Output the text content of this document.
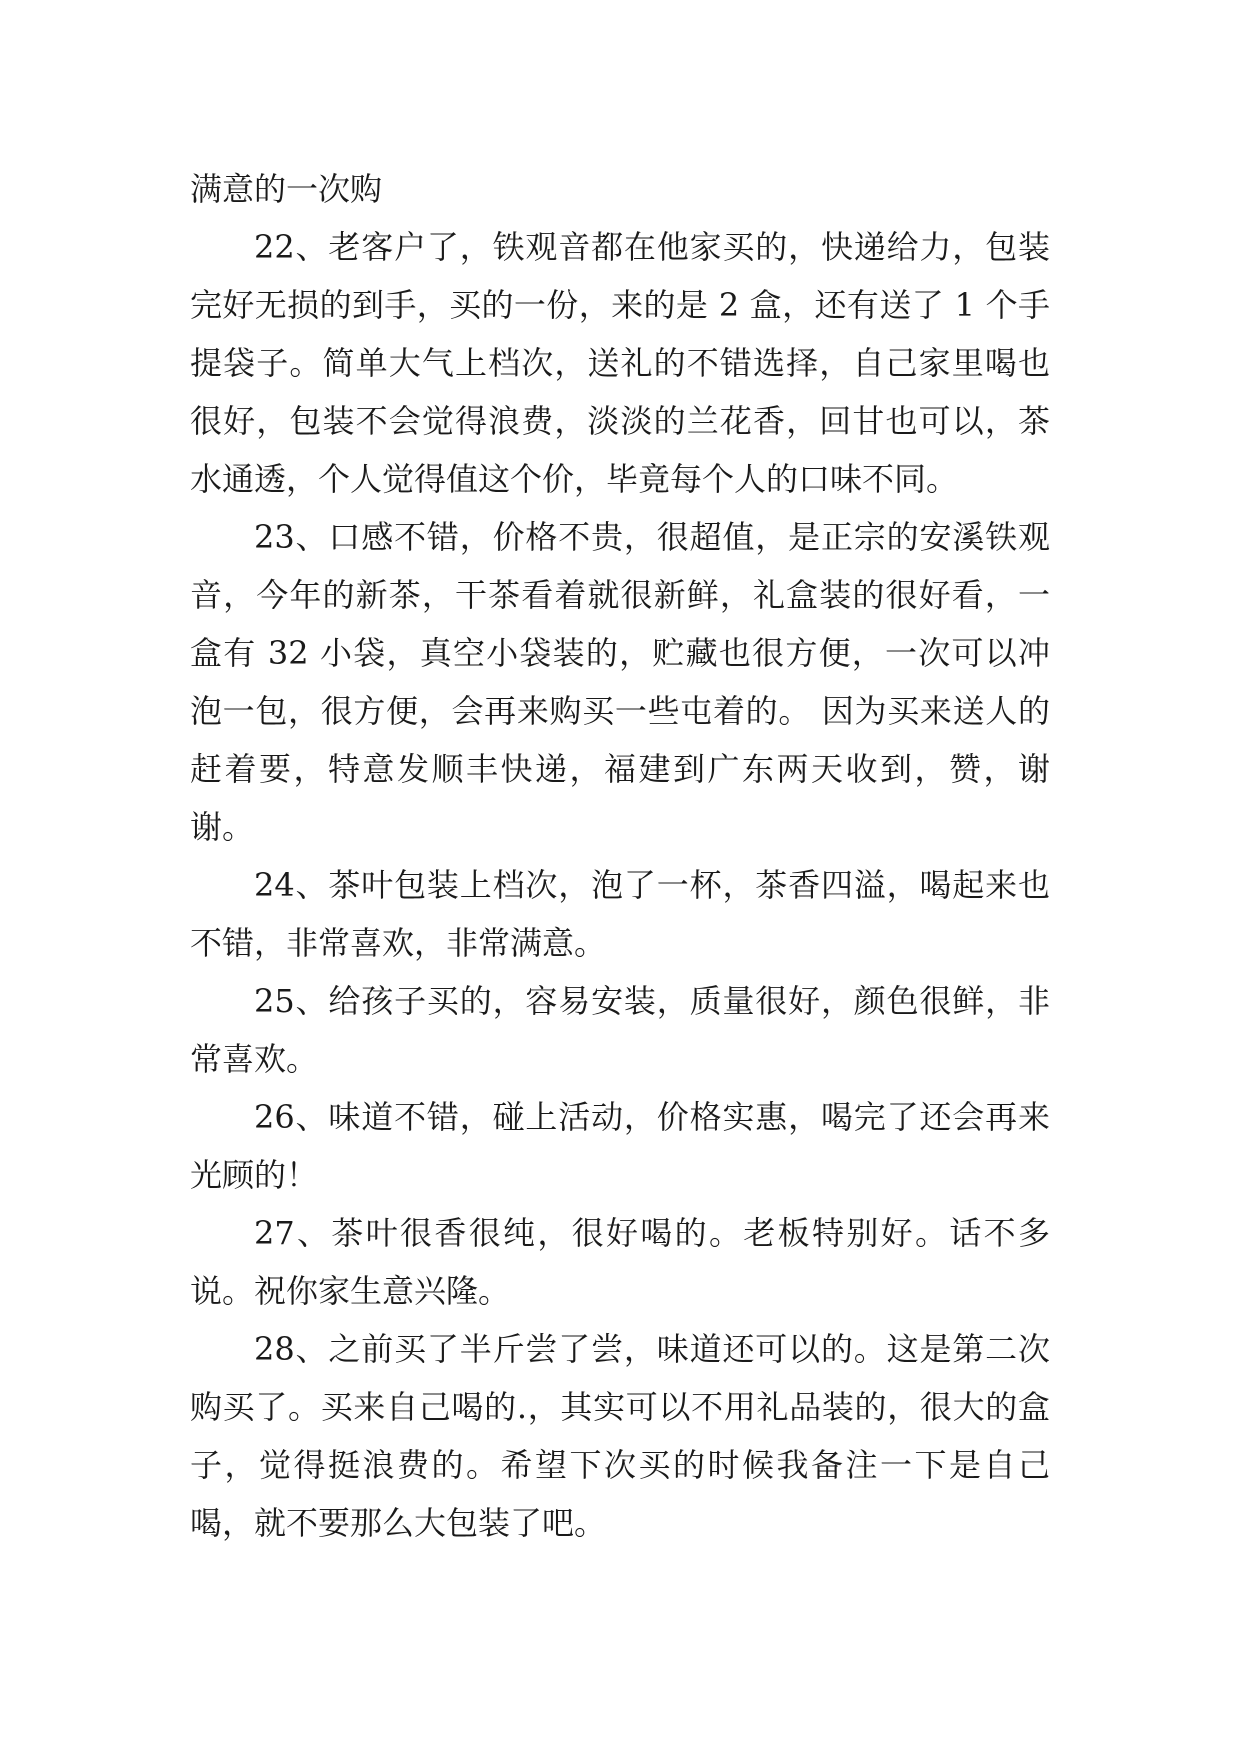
满意的一次购

22、老客户了，铁观音都在他家买的，快递给力，包装完好无损的到手，买的一份，来的是 2 盒，还有送了 1 个手提袋子。简单大气上档次，送礼的不错选择，自己家里喝也很好，包装不会觉得浪费，淡淡的兰花香，回甘也可以，茶水通透，个人觉得值这个价，毕竟每个人的口味不同。

23、口感不错，价格不贵，很超值，是正宗的安溪铁观音，今年的新茶，干茶看着就很新鲜，礼盒装的很好看，一盒有 32 小袋，真空小袋装的，贮藏也很方便，一次可以冲泡一包，很方便，会再来购买一些屯着的。 因为买来送人的赶着要，特意发顺丰快递，福建到广东两天收到，赞，谢谢。

24、茶叶包装上档次，泡了一杯，茶香四溢，喝起来也不错，非常喜欢，非常满意。

25、给孩子买的，容易安装，质量很好，颜色很鲜，非常喜欢。

26、味道不错，碰上活动，价格实惠，喝完了还会再来光顾的！

27、茶叶很香很纯，很好喝的。老板特别好。话不多说。祝你家生意兴隆。

28、之前买了半斤尝了尝，味道还可以的。这是第二次购买了。买来自己喝的.，其实可以不用礼品装的，很大的盒子，觉得挺浪费的。希望下次买的时候我备注一下是自己喝，就不要那么大包装了吧。
